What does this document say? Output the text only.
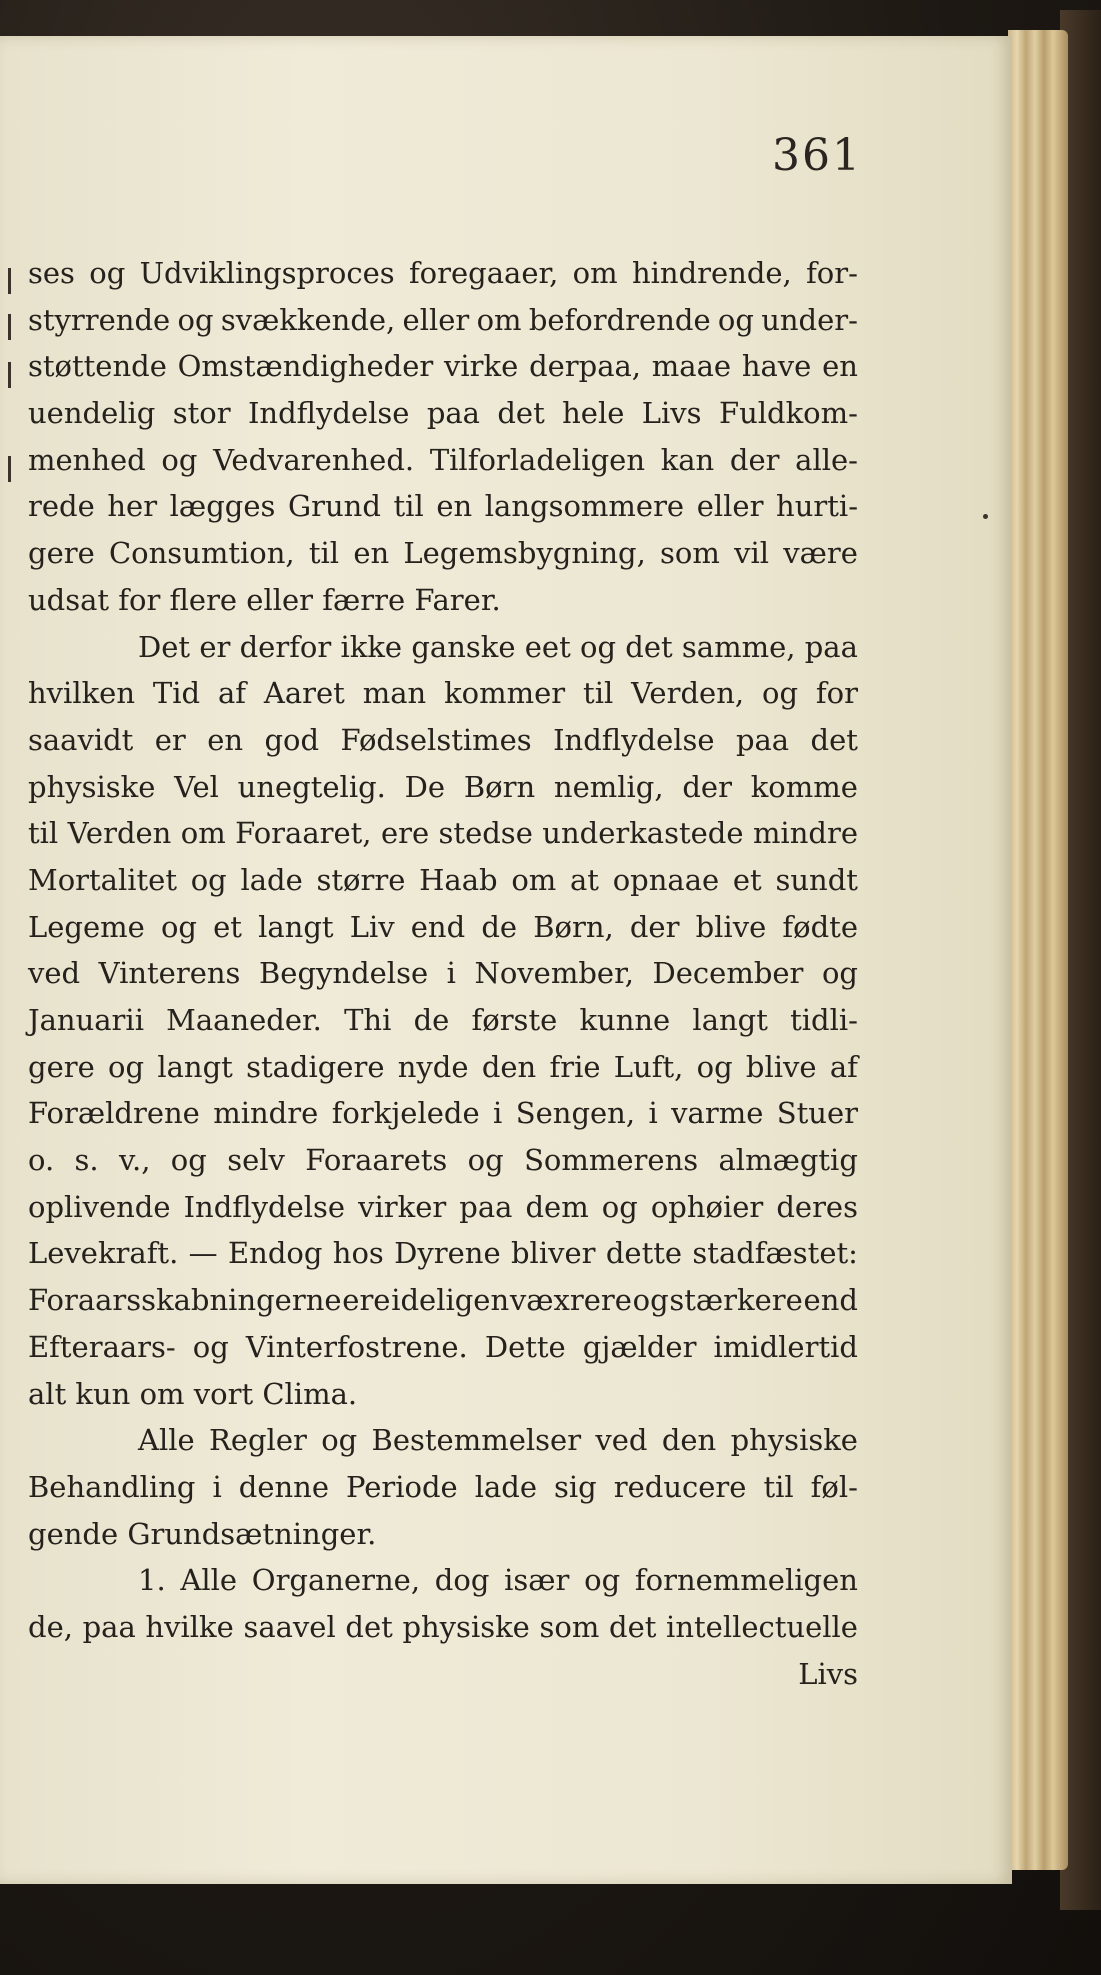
361
ses og Udviklingsproces foregaaer, om hindrende, for-
styrrende og svækkende, eller om befordrende og under-
støttende Omstændigheder virke derpaa, maae have en
uendelig stor Indflydelse paa det hele Livs Fuldkom-
menhed og Vedvarenhed. Tilforladeligen kan der alle-
rede her lægges Grund til en langsommere eller hurti-
gere Consumtion, til en Legemsbygning, som vil være
udsat for flere eller færre Farer.
Det er derfor ikke ganske eet og det samme, paa
hvilken Tid af Aaret man kommer til Verden, og for
saavidt er en god Fødselstimes Indflydelse paa det
physiske Vel unegtelig. De Børn nemlig, der komme
til Verden om Foraaret, ere stedse underkastede mindre
Mortalitet og lade større Haab om at opnaae et sundt
Legeme og et langt Liv end de Børn, der blive fødte
ved Vinterens Begyndelse i November, December og
Januarii Maaneder. Thi de første kunne langt tidli-
gere og langt stadigere nyde den frie Luft, og blive af
Forældrene mindre forkjelede i Sengen, i varme Stuer
o. s. v., og selv Foraarets og Sommerens almægtig
oplivende Indflydelse virker paa dem og ophøier deres
Levekraft. — Endog hos Dyrene bliver dette stadfæstet:
Foraarsskabningerne ere ideligen væxrere og stærkere end
Efteraars- og Vinterfostrene. Dette gjælder imidlertid
alt kun om vort Clima.
Alle Regler og Bestemmelser ved den physiske
Behandling i denne Periode lade sig reducere til føl-
gende Grundsætninger.
1. Alle Organerne, dog især og fornemmeligen
de, paa hvilke saavel det physiske som det intellectuelle
Livs
